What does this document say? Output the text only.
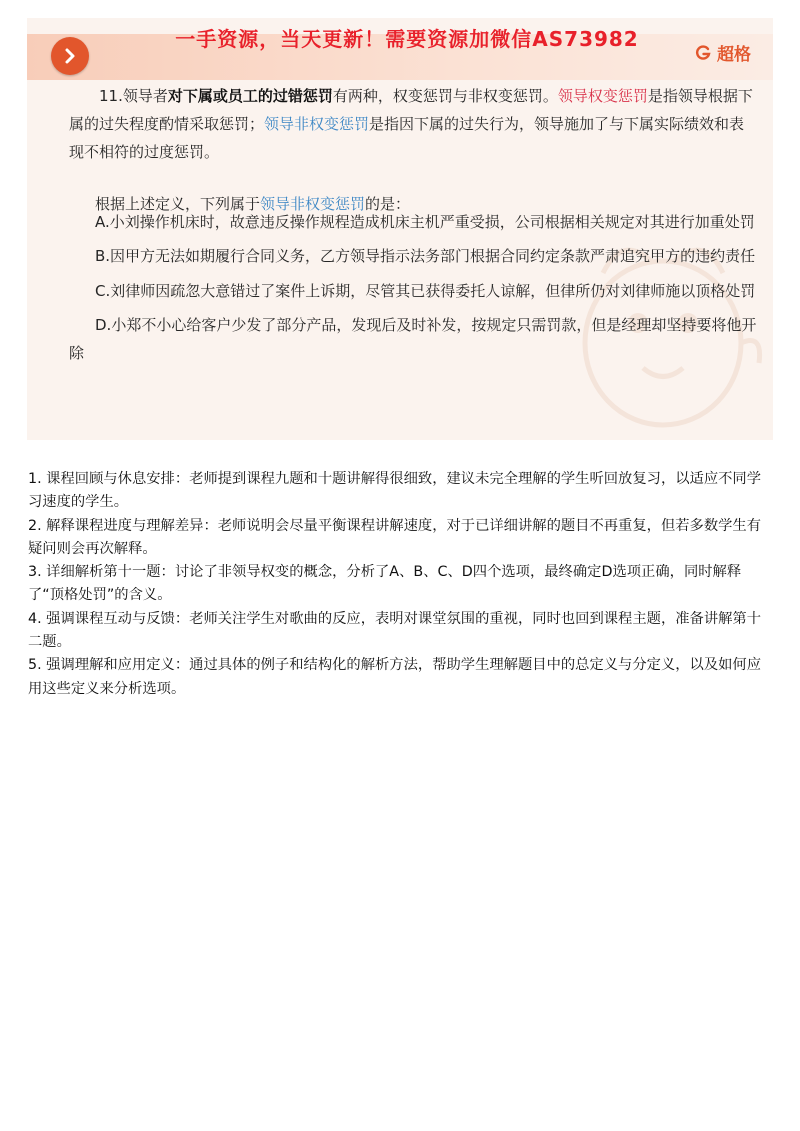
一手资源，当天更新！需要资源加微信AS73982
超格

11.领导者对下属或员工的过错惩罚有两种，权变惩罚与非权变惩罚。领导权变惩罚是指领导根据下属的过失程度酌情采取惩罚；领导非权变惩罚是指因下属的过失行为，领导施加了与下属实际绩效和表现不相符的过度惩罚。

根据上述定义，下列属于领导非权变惩罚的是：
A.小刘操作机床时，故意违反操作规程造成机床主机严重受损，公司根据相关规定对其进行加重处罚
B.因甲方无法如期履行合同义务，乙方领导指示法务部门根据合同约定条款严肃追究甲方的违约责任
C.刘律师因疏忽大意错过了案件上诉期，尽管其已获得委托人谅解，但律所仍对刘律师施以顶格处罚
D.小郑不小心给客户少发了部分产品，发现后及时补发，按规定只需罚款，但是经理却坚持要将他开除

1. 课程回顾与休息安排：老师提到课程九题和十题讲解得很细致，建议未完全理解的学生听回放复习，以适应不同学习速度的学生。

2. 解释课程进度与理解差异：老师说明会尽量平衡课程讲解速度，对于已详细讲解的题目不再重复，但若多数学生有疑问则会再次解释。

3. 详细解析第十一题：讨论了非领导权变的概念，分析了A、B、C、D四个选项，最终确定D选项正确，同时解释了“顶格处罚”的含义。

4. 强调课程互动与反馈：老师关注学生对歌曲的反应，表明对课堂氛围的重视，同时也回到课程主题，准备讲解第十二题。

5. 强调理解和应用定义：通过具体的例子和结构化的解析方法，帮助学生理解题目中的总定义与分定义，以及如何应用这些定义来分析选项。
